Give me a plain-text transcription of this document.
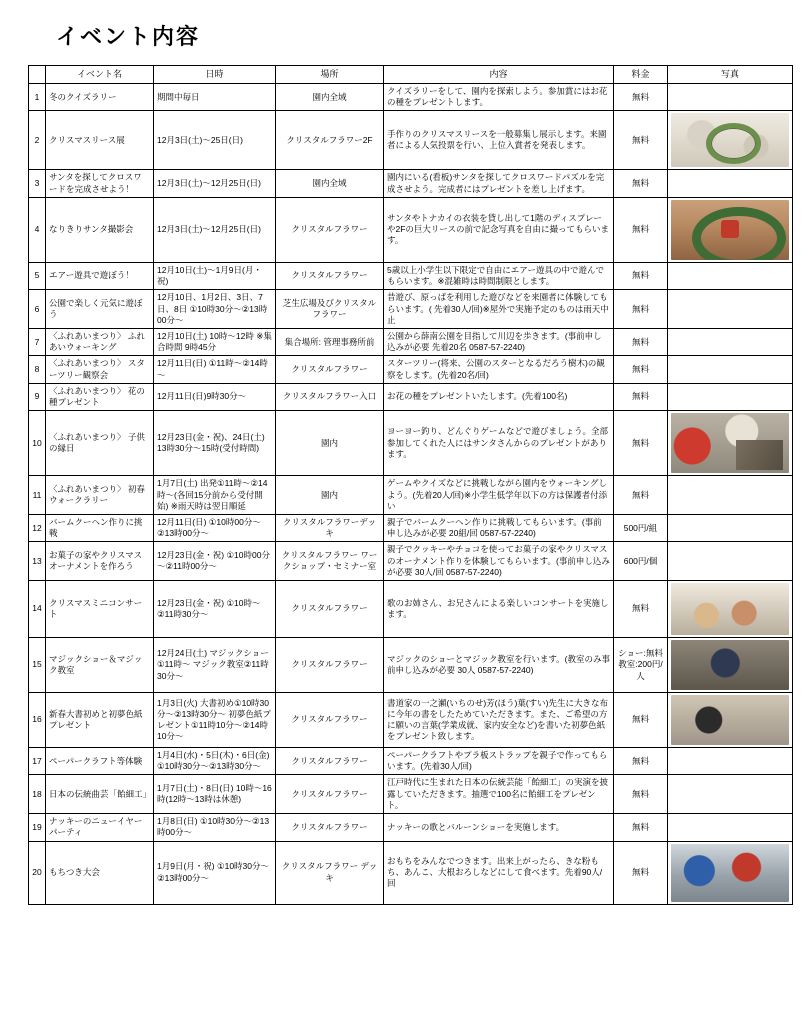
イベント内容
	イベント名	日時	場所	内容	料金	写真
1	冬のクイズラリー	期間中毎日	園内全域	クイズラリーをして、園内を探索しよう。参加賞にはお花の種をプレゼントします。	無料	

2	クリスマスリース展	12月3日(土)～25日(日)	クリスタルフラワー2F	手作りのクリスマスリースを一般募集し展示します。来園者による人気投票を行い、上位入賞者を発表します。	無料	

3	サンタを探してクロスワードを完成させよう！	12月3日(土)～12月25日(日)	園内全域	園内にいる(看板)サンタを探してクロスワードパズルを完成させよう。完成者にはプレゼントを差し上げます。	無料	

4	なりきりサンタ撮影会	12月3日(土)～12月25日(日)	クリスタルフラワー	サンタやトナカイの衣装を貸し出して1階のディスプレー や2Fの巨大リースの前で記念写真を自由に撮ってもらいます。	無料	

5	エアー遊具で遊ぼう！	12月10日(土)～1月9日(月・祝)	クリスタルフラワー	5歳以上小学生以下限定で自由にエアー遊具の中で遊んでもらいます。※混雑時は時間制限とします。	無料	

6	公園で楽しく元気に遊ぼう	12月10日、1月2日、3日、7日、8日 ①10時30分～②13時00分～	芝生広場及びクリスタルフラワー	昔遊び、原っぱを利用した遊びなどを来園者に体験してもらいます。( 先着30人/回)※屋外で実施予定のものは雨天中止	無料	

7	〈ふれあいまつり〉 ふれあいウォーキング	12月10日(土) 10時～12時 ※集合時間 9時45分	集合場所: 管理事務所前	公園から薛南公園を目指して川辺を歩きます。(事前申し込みが必要 先着20名 0587-57-2240)	無料	

8	〈ふれあいまつり〉 スターツリー観察会	12月11日(日) ①11時～②14時～	クリスタルフラワー	スターツリー(将来、公園のスターとなるだろう樹木)の観察をします。(先着20名/回)	無料	

9	〈ふれあいまつり〉 花の種プレゼント	12月11日(日)9時30分～	クリスタルフラワー入口	お花の種をプレゼントいたします。(先着100名)	無料	

10	〈ふれあいまつり〉 子供の縁日	12月23日(金・祝)、24日(土) 13時30分～15時(受付時間)	園内	ヨーヨー釣り、どんぐりゲームなどで遊びましょう。全部参加してくれた人にはサンタさんからのプレゼントがあります。	無料	

11	〈ふれあいまつり〉 初春ウォークラリー	1月7日(土) 出発①11時～②14時～(各回15分前から受付開始) ※雨天時は翌日順延	園内	ゲームやクイズなどに挑戦しながら園内をウォーキングしよう。(先着20人/回)※小学生低学年以下の方は保護者付添い	無料	

12	バームクーヘン作りに挑戦	12月11日(日) ①10時00分～②13時00分～	クリスタルフラワーデッキ	親子でバームクーヘン作りに挑戦してもらいます。(事前申し込みが必要 20組/回 0587-57-2240)	500円/組	

13	お菓子の家やクリスマスオーナメントを作ろう	12月23日(金・祝) ①10時00分～②11時00分～	クリスタルフラワー ワークショップ・セミナー室	親子でクッキーやチョコを使ってお菓子の家やクリスマスのオーナメント作りを体験してもらいます。(事前申し込みが必要 30人/回 0587-57-2240)	600円/個	

14	クリスマスミニコンサート	12月23日(金・祝) ①10時～②11時30分～	クリスタルフラワー	歌のお姉さん、お兄さんによる楽しいコンサートを実施します。	無料	

15	マジックショー＆マジック教室	12月24日(土) マジックショー①11時～ マジック教室②11時30分～	クリスタルフラワー	マジックのショーとマジック教室を行います。(教室のみ事前申し込みが必要 30人 0587-57-2240)	ショー:無料 教室:200円/人	

16	新春大書初めと初夢色紙プレゼント	1月3日(火) 大書初め①10時30分～②13時30分～ 初夢色紙プレゼント①11時10分～②14時10分～	クリスタルフラワー	書道家の一之瀬(いちのせ)芳(ほう)葉(すい)先生に大きな布に今年の書をしたためていただきます。また、ご希望の方に願いの言葉(学業成就、家内安全など)を書いた初夢色紙をプレゼント致します。	無料	

17	ペーパークラフト等体験	1月4日(水)・5日(木)・6日(金) ①10時30分～②13時30分～	クリスタルフラワー	ペーパークラフトやプラ板ストラップを親子で作ってもらいます。(先着30人/回)	無料	

18	日本の伝統曲芸「飴細工」	1月7日(土)・8日(日) 10時～16時(12時～13時は休憩)	クリスタルフラワー	江戸時代に生まれた日本の伝統芸能「飴細工」の実演を披露していただきます。抽選で100名に飴細工をプレゼント。	無料	

19	ナッキーのニューイヤーパーティ	1月8日(日) ①10時30分～②13時00分～	クリスタルフラワー	ナッキーの歌とバルーンショーを実施します。	無料	

20	もちつき大会	1月9日(月・祝) ①10時30分～②13時00分～	クリスタルフラワー デッキ	おもちをみんなでつきます。出来上がったら、きな粉もち、あんこ、大根おろしなどにして食べます。先着90人/回	無料	
